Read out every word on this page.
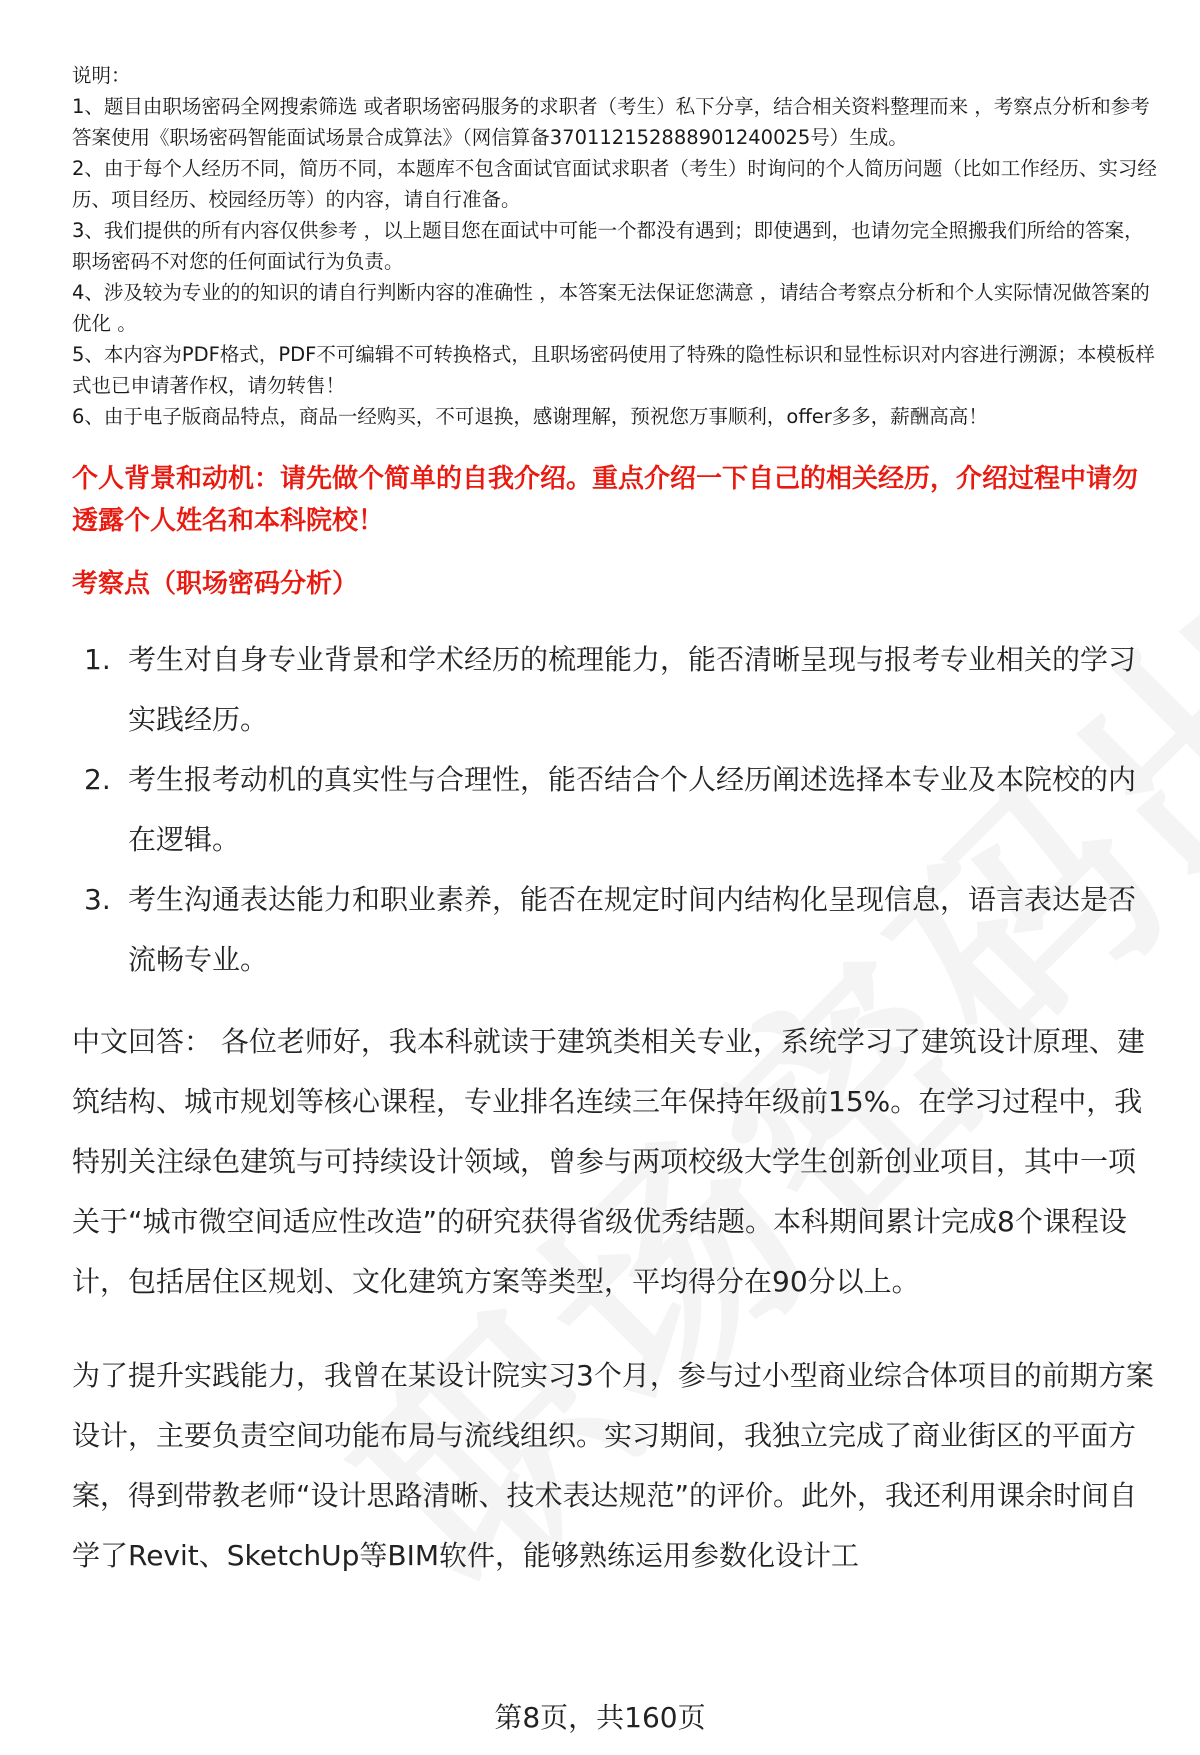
说明：

1、题目由职场密码全网搜索筛选 或者职场密码服务的求职者（考生）私下分享，结合相关资料整理而来 ，考察点分析和参考答案使用《职场密码智能面试场景合成算法》（网信算备370112152888901240025号）生成。

2、由于每个人经历不同，简历不同，本题库不包含面试官面试求职者（考生）时询问的个人简历问题（比如工作经历、实习经历、项目经历、校园经历等）的内容，请自行准备。

3、我们提供的所有内容仅供参考 ，以上题目您在面试中可能一个都没有遇到；即使遇到，也请勿完全照搬我们所给的答案，职场密码不对您的任何面试行为负责。

4、涉及较为专业的的知识的请自行判断内容的准确性 ，本答案无法保证您满意 ，请结合考察点分析和个人实际情况做答案的优化 。

5、本内容为PDF格式，PDF不可编辑不可转换格式，且职场密码使用了特殊的隐性标识和显性标识对内容进行溯源；本模板样式也已申请著作权，请勿转售！

6、由于电子版商品特点，商品一经购买，不可退换，感谢理解，预祝您万事顺利，offer多多，薪酬高高！

个人背景和动机：请先做个简单的自我介绍。重点介绍一下自己的相关经历，介绍过程中请勿透露个人姓名和本科院校！
考察点（职场密码分析）
1. 考生对自身专业背景和学术经历的梳理能力，能否清晰呈现与报考专业相关的学习实践经历。
2. 考生报考动机的真实性与合理性，能否结合个人经历阐述选择本专业及本院校的内在逻辑。
3. 考生沟通表达能力和职业素养，能否在规定时间内结构化呈现信息，语言表达是否流畅专业。

中文回答： 各位老师好，我本科就读于建筑类相关专业，系统学习了建筑设计原理、建筑结构、城市规划等核心课程，专业排名连续三年保持年级前15%。在学习过程中，我特别关注绿色建筑与可持续设计领域，曾参与两项校级大学生创新创业项目，其中一项关于“城市微空间适应性改造”的研究获得省级优秀结题。本科期间累计完成8个课程设计，包括居住区规划、文化建筑方案等类型，平均得分在90分以上。

为了提升实践能力，我曾在某设计院实习3个月，参与过小型商业综合体项目的前期方案设计，主要负责空间功能布局与流线组织。实习期间，我独立完成了商业街区的平面方案，得到带教老师“设计思路清晰、技术表达规范”的评价。此外，我还利用课余时间自学了Revit、SketchUp等BIM软件，能够熟练运用参数化设计工

第8页，共160页
